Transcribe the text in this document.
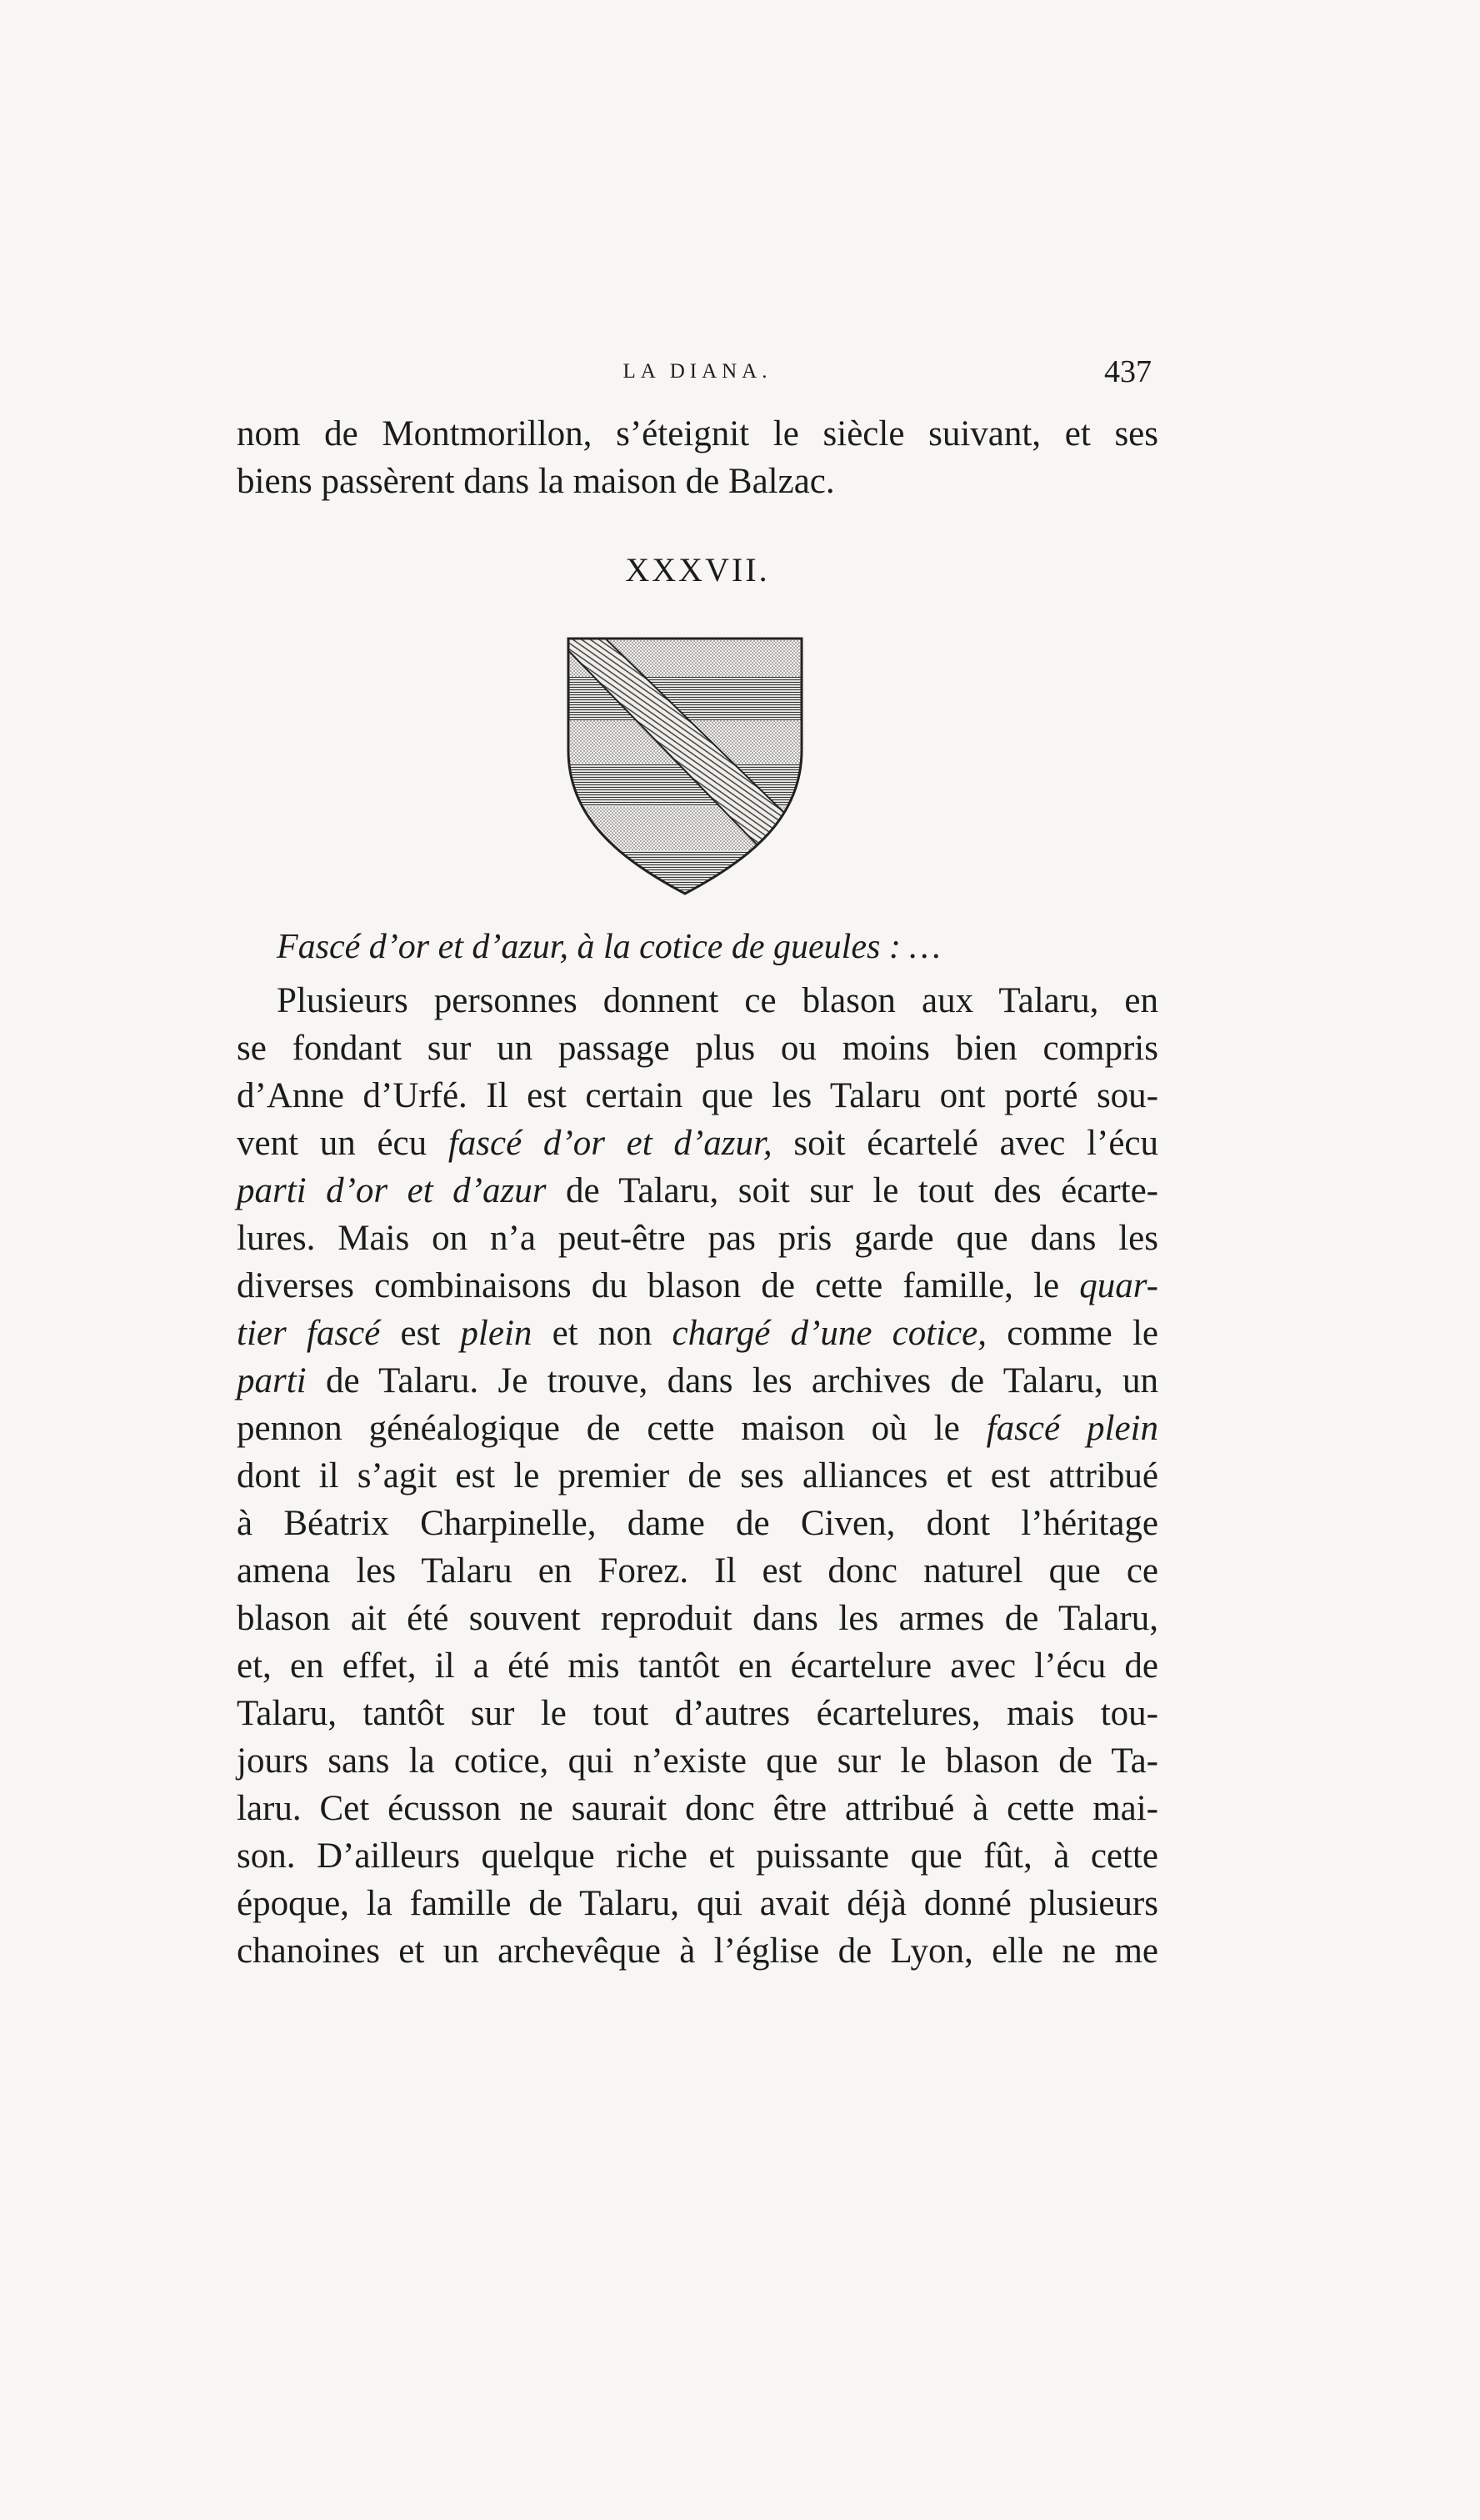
LA DIANA.	437
nom de Montmorillon, s’éteignit le siècle suivant, et ses
biens passèrent dans la maison de Balzac.
XXXVII.
Fascé d’or et d’azur, à la cotice de gueules : …
Plusieurs personnes donnent ce blason aux Talaru, en
se fondant sur un passage plus ou moins bien compris
d’Anne d’Urfé. Il est certain que les Talaru ont porté sou-
vent un écu fascé d’or et d’azur, soit écartelé avec l’écu
parti d’or et d’azur de Talaru, soit sur le tout des écarte-
lures. Mais on n’a peut-être pas pris garde que dans les
diverses combinaisons du blason de cette famille, le quar-
tier fascé est plein et non chargé d’une cotice, comme le
parti de Talaru. Je trouve, dans les archives de Talaru, un
pennon généalogique de cette maison où le fascé plein
dont il s’agit est le premier de ses alliances et est attribué
à Béatrix Charpinelle, dame de Civen, dont l’héritage
amena les Talaru en Forez. Il est donc naturel que ce
blason ait été souvent reproduit dans les armes de Talaru,
et, en effet, il a été mis tantôt en écartelure avec l’écu de
Talaru, tantôt sur le tout d’autres écartelures, mais tou-
jours sans la cotice, qui n’existe que sur le blason de Ta-
laru. Cet écusson ne saurait donc être attribué à cette mai-
son. D’ailleurs quelque riche et puissante que fût, à cette
époque, la famille de Talaru, qui avait déjà donné plusieurs
chanoines et un archevêque à l’église de Lyon, elle ne me
